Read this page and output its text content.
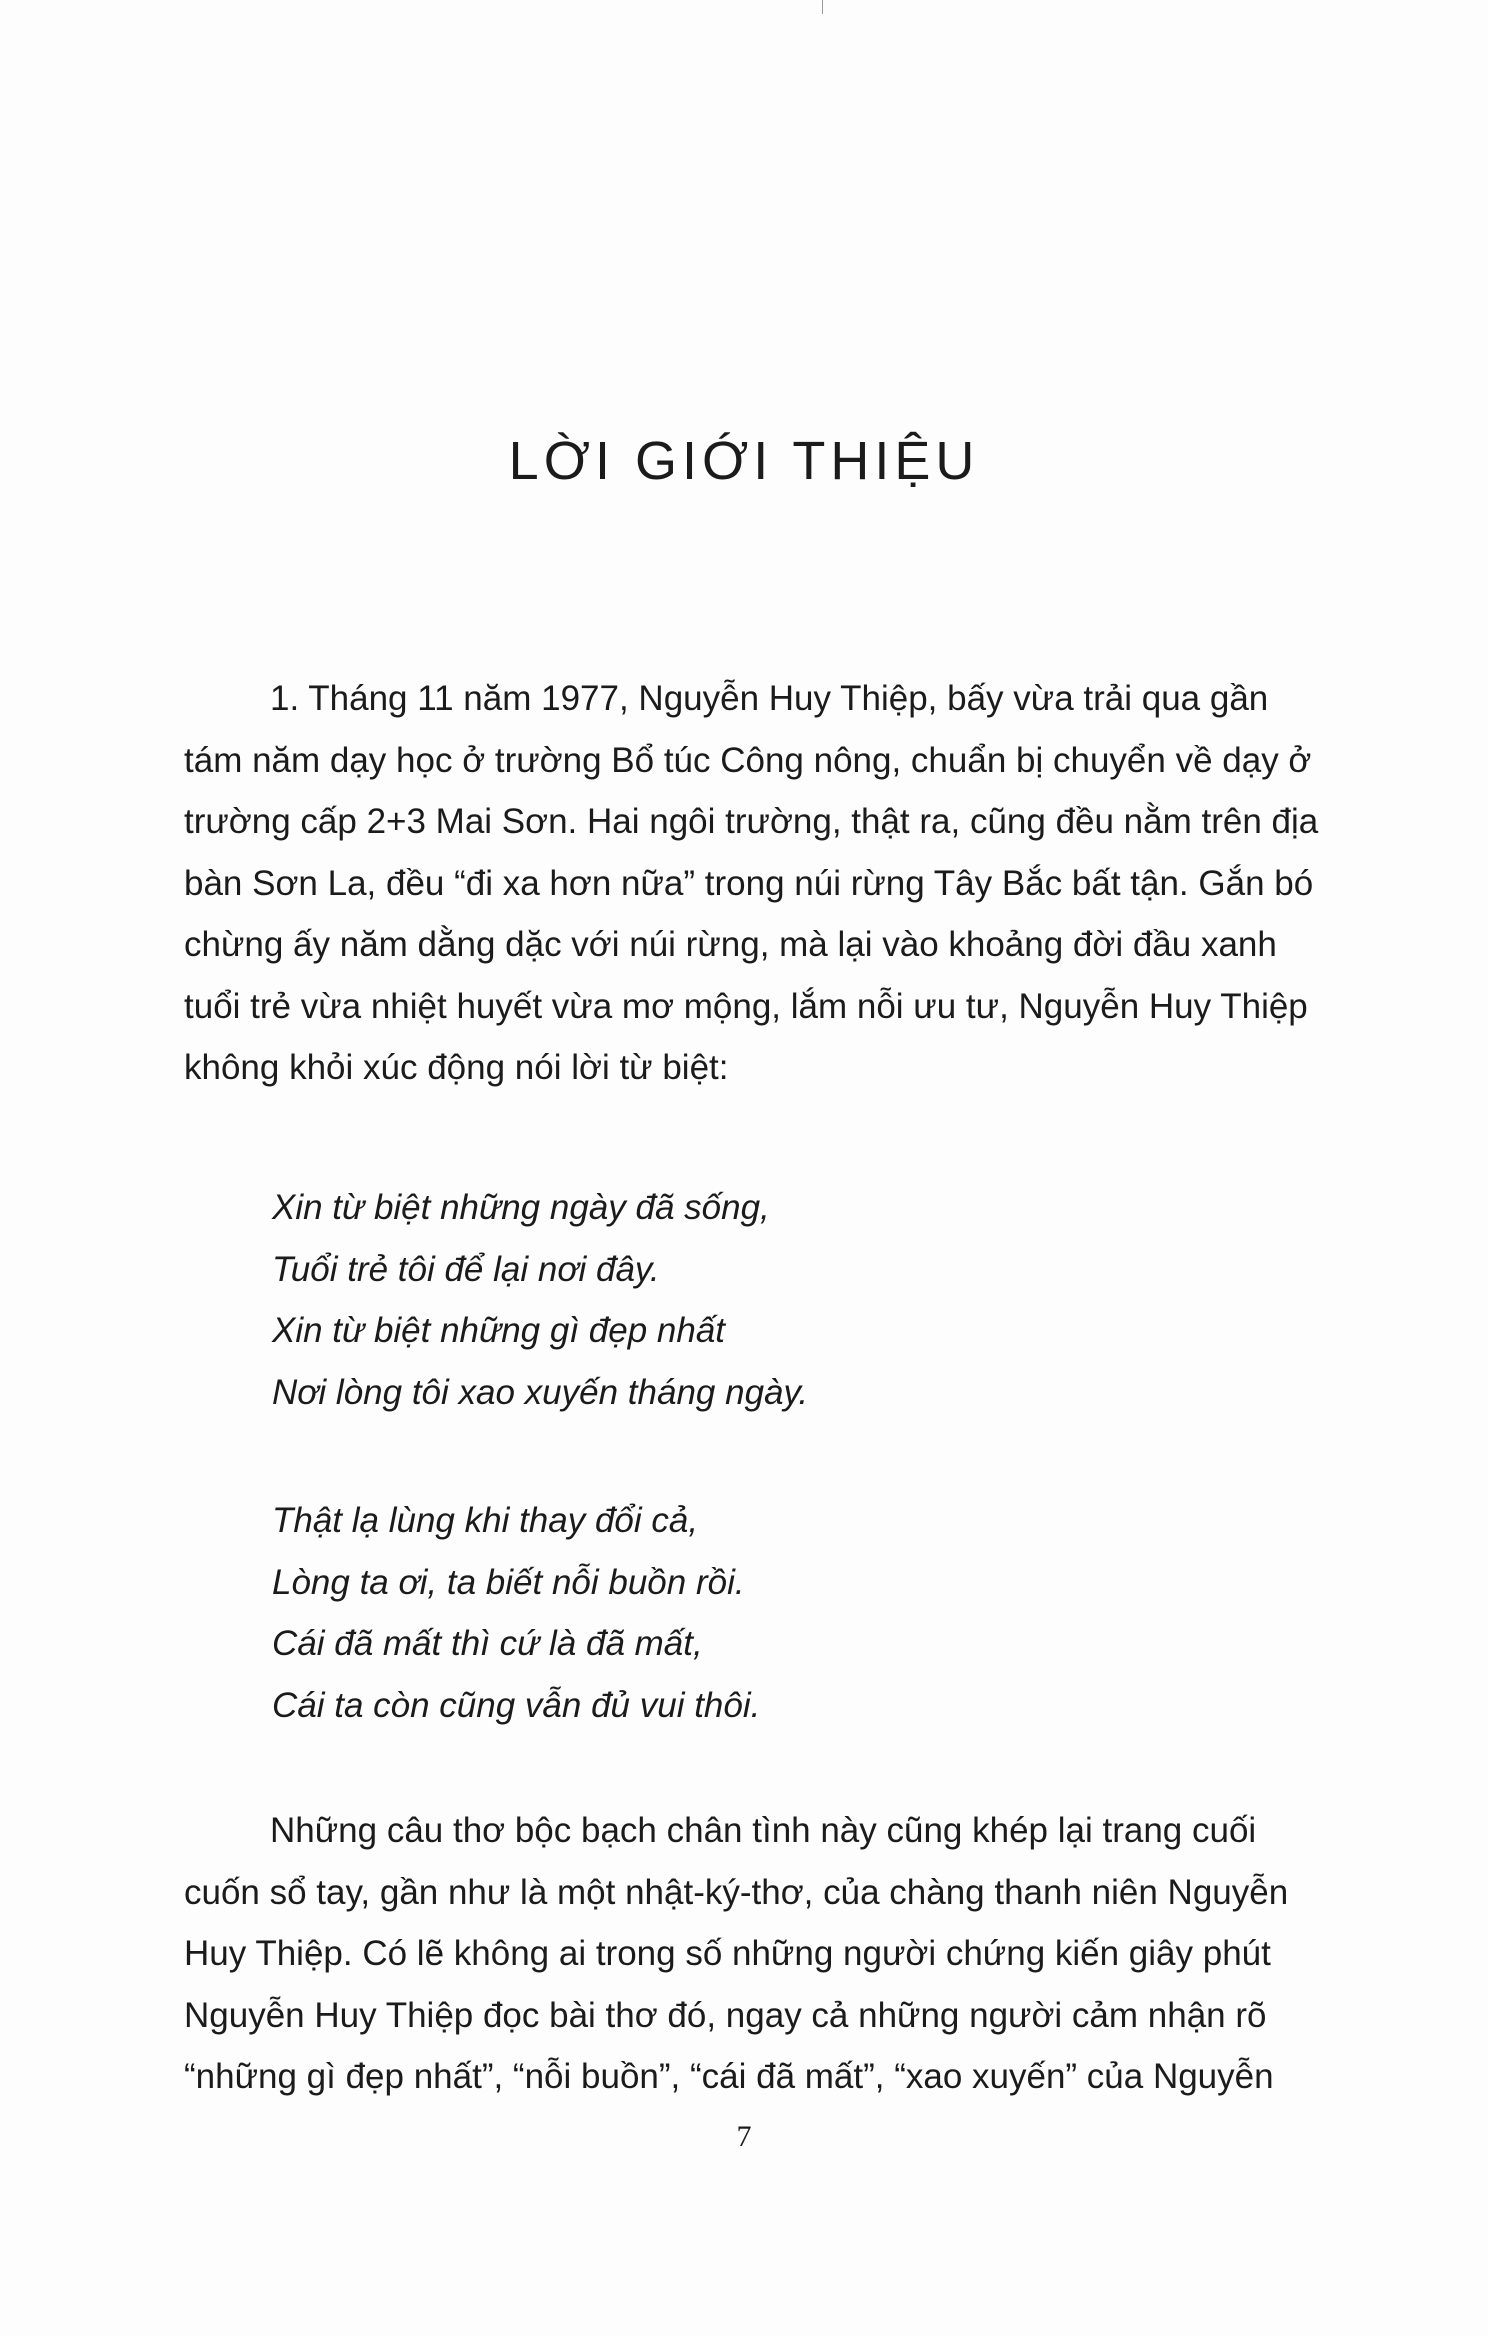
LỜI GIỚI THIỆU
1. Tháng 11 năm 1977, Nguyễn Huy Thiệp, bấy vừa trải qua gần
tám năm dạy học ở trường Bổ túc Công nông, chuẩn bị chuyển về dạy ở
trường cấp 2+3 Mai Sơn. Hai ngôi trường, thật ra, cũng đều nằm trên địa
bàn Sơn La, đều “đi xa hơn nữa” trong núi rừng Tây Bắc bất tận. Gắn bó
chừng ấy năm dằng dặc với núi rừng, mà lại vào khoảng đời đầu xanh
tuổi trẻ vừa nhiệt huyết vừa mơ mộng, lắm nỗi ưu tư, Nguyễn Huy Thiệp
không khỏi xúc động nói lời từ biệt:
Xin từ biệt những ngày đã sống,
Tuổi trẻ tôi để lại nơi đây.
Xin từ biệt những gì đẹp nhất
Nơi lòng tôi xao xuyến tháng ngày.
Thật lạ lùng khi thay đổi cả,
Lòng ta ơi, ta biết nỗi buồn rồi.
Cái đã mất thì cứ là đã mất,
Cái ta còn cũng vẫn đủ vui thôi.
Những câu thơ bộc bạch chân tình này cũng khép lại trang cuối
cuốn sổ tay, gần như là một nhật-ký-thơ, của chàng thanh niên Nguyễn
Huy Thiệp. Có lẽ không ai trong số những người chứng kiến giây phút
Nguyễn Huy Thiệp đọc bài thơ đó, ngay cả những người cảm nhận rõ
“những gì đẹp nhất”, “nỗi buồn”, “cái đã mất”, “xao xuyến” của Nguyễn
7
